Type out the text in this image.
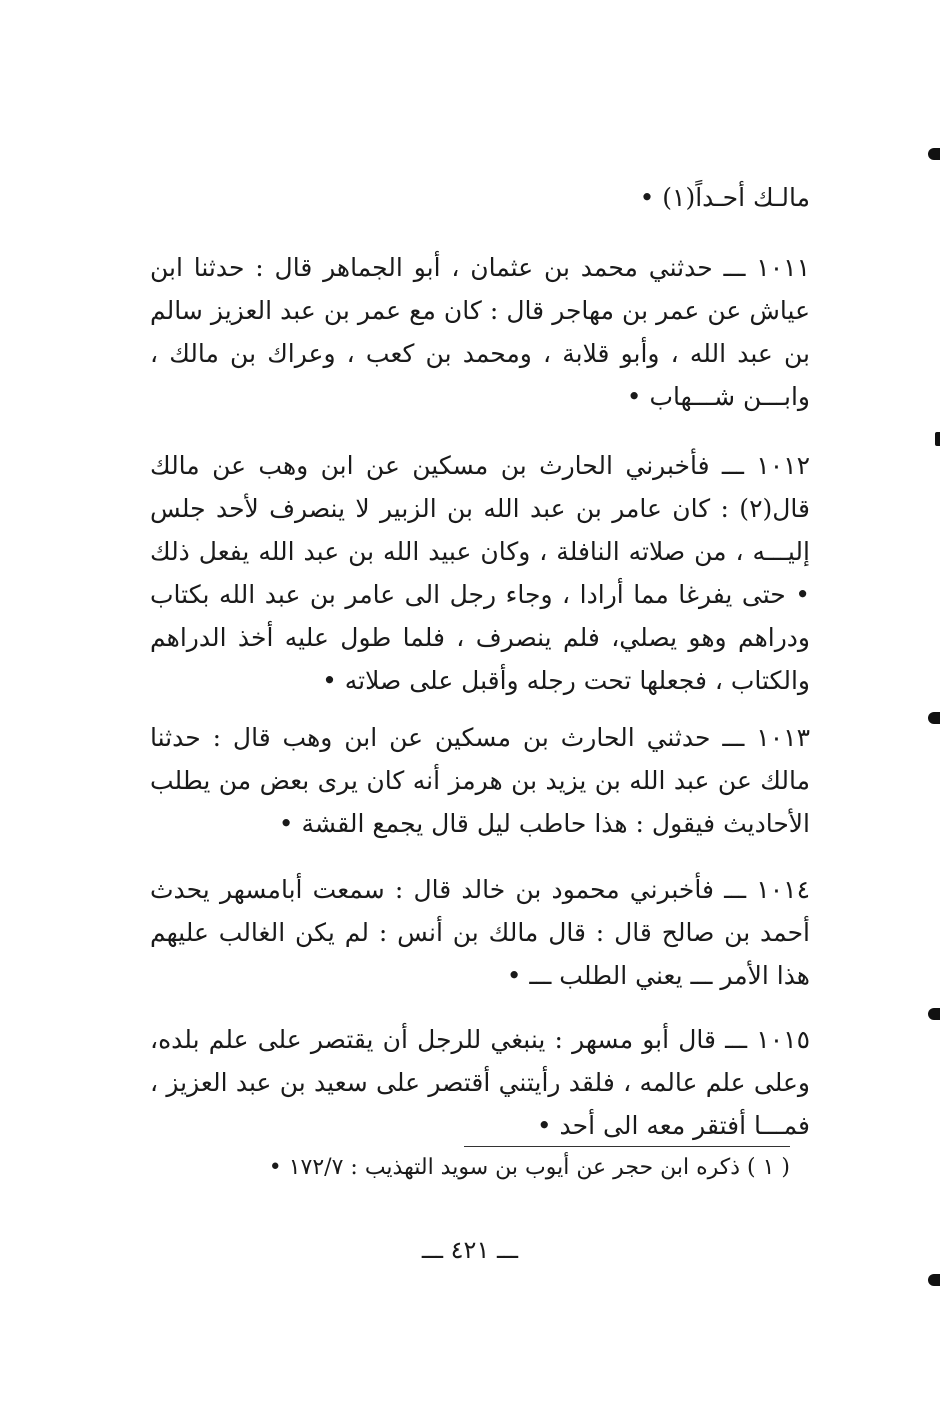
مالـك أحـداً(١) •

١٠١١ ـــ حدثني محمد بن عثمان ، أبو الجماهر قال : حدثنا ابن عياش عن عمر بن مهاجر قال : كان مع عمر بن عبد العزيز سالم بن عبد الله ، وأبو قلابة ، ومحمد بن كعب ، وعراك بن مالك ، وابـــن شـــهاب •

١٠١٢ ـــ فأخبرني الحارث بن مسكين عن ابن وهب عن مالك قال(٢) : كان عامر بن عبد الله بن الزبير لا ينصرف لأحد جلس إليـــه ، من صلاته النافلة ، وكان عبيد الله بن عبد الله يفعل ذلك • حتى يفرغا مما أرادا ، وجاء رجل الى عامر بن عبد الله بكتاب ودراهم وهو يصلي، فلم ينصرف ، فلما طول عليه أخذ الدراهم والكتاب ، فجعلها تحت رجله وأقبل على صلاته •

١٠١٣ ـــ حدثني الحارث بن مسكين عن ابن وهب قال : حدثنا مالك عن عبد الله بن يزيد بن هرمز أنه كان يرى بعض من يطلب الأحاديث فيقول : هذا حاطب ليل قال يجمع القشة •

١٠١٤ ـــ فأخبرني محمود بن خالد قال : سمعت أبامسهر يحدث أحمد بن صالح قال : قال مالك بن أنس : لم يكن الغالب عليهم هذا الأمر ـــ يعني الطلب ـــ •

١٠١٥ ـــ قال أبو مسهر : ينبغي للرجل أن يقتصر على علم بلده، وعلى علم عالمه ، فلقد رأيتني أقتصر على سعيد بن عبد العزيز ، فمـــا أفتقر معه الى أحد •

( ١ ) ذكره ابن حجر عن أيوب بن سويد التهذيب : ١٧٢/٧ •
ـــ ٤٢١ ـــ
